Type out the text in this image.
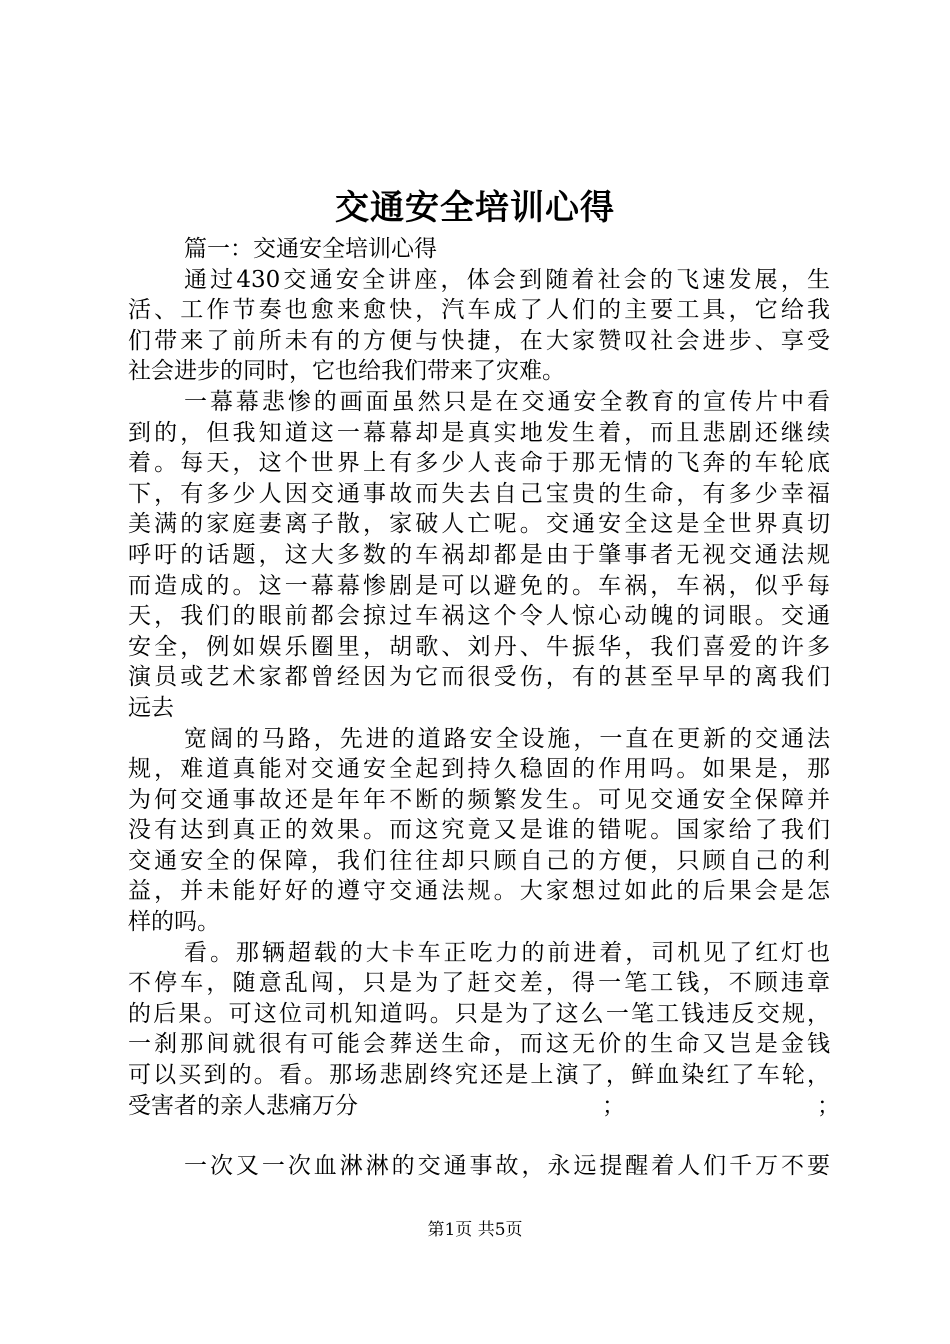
交通安全培训心得
篇一：交通安全培训心得
通过430交通安全讲座，体会到随着社会的飞速发展，生
活、工作节奏也愈来愈快，汽车成了人们的主要工具，它给我
们带来了前所未有的方便与快捷，在大家赞叹社会进步、享受
社会进步的同时，它也给我们带来了灾难。
一幕幕悲惨的画面虽然只是在交通安全教育的宣传片中看
到的，但我知道这一幕幕却是真实地发生着，而且悲剧还继续
着。每天，这个世界上有多少人丧命于那无情的飞奔的车轮底
下，有多少人因交通事故而失去自己宝贵的生命，有多少幸福
美满的家庭妻离子散，家破人亡呢。交通安全这是全世界真切
呼吁的话题，这大多数的车祸却都是由于肇事者无视交通法规
而造成的。这一幕幕惨剧是可以避免的。车祸，车祸，似乎每
天，我们的眼前都会掠过车祸这个令人惊心动魄的词眼。交通
安全，例如娱乐圈里，胡歌、刘丹、牛振华，我们喜爱的许多
演员或艺术家都曾经因为它而很受伤，有的甚至早早的离我们
远去
宽阔的马路，先进的道路安全设施，一直在更新的交通法
规，难道真能对交通安全起到持久稳固的作用吗。如果是，那
为何交通事故还是年年不断的频繁发生。可见交通安全保障并
没有达到真正的效果。而这究竟又是谁的错呢。国家给了我们
交通安全的保障，我们往往却只顾自己的方便，只顾自己的利
益，并未能好好的遵守交通法规。大家想过如此的后果会是怎
样的吗。
看。那辆超载的大卡车正吃力的前进着，司机见了红灯也
不停车，随意乱闯，只是为了赶交差，得一笔工钱，不顾违章
的后果。可这位司机知道吗。只是为了这么一笔工钱违反交规，
一刹那间就很有可能会葬送生命，而这无价的生命又岂是金钱
可以买到的。看。那场悲剧终究还是上演了，鲜血染红了车轮，
受害者的亲人悲痛万分	；	；
一次又一次血淋淋的交通事故，永远提醒着人们千万不要
第1页 共5页
